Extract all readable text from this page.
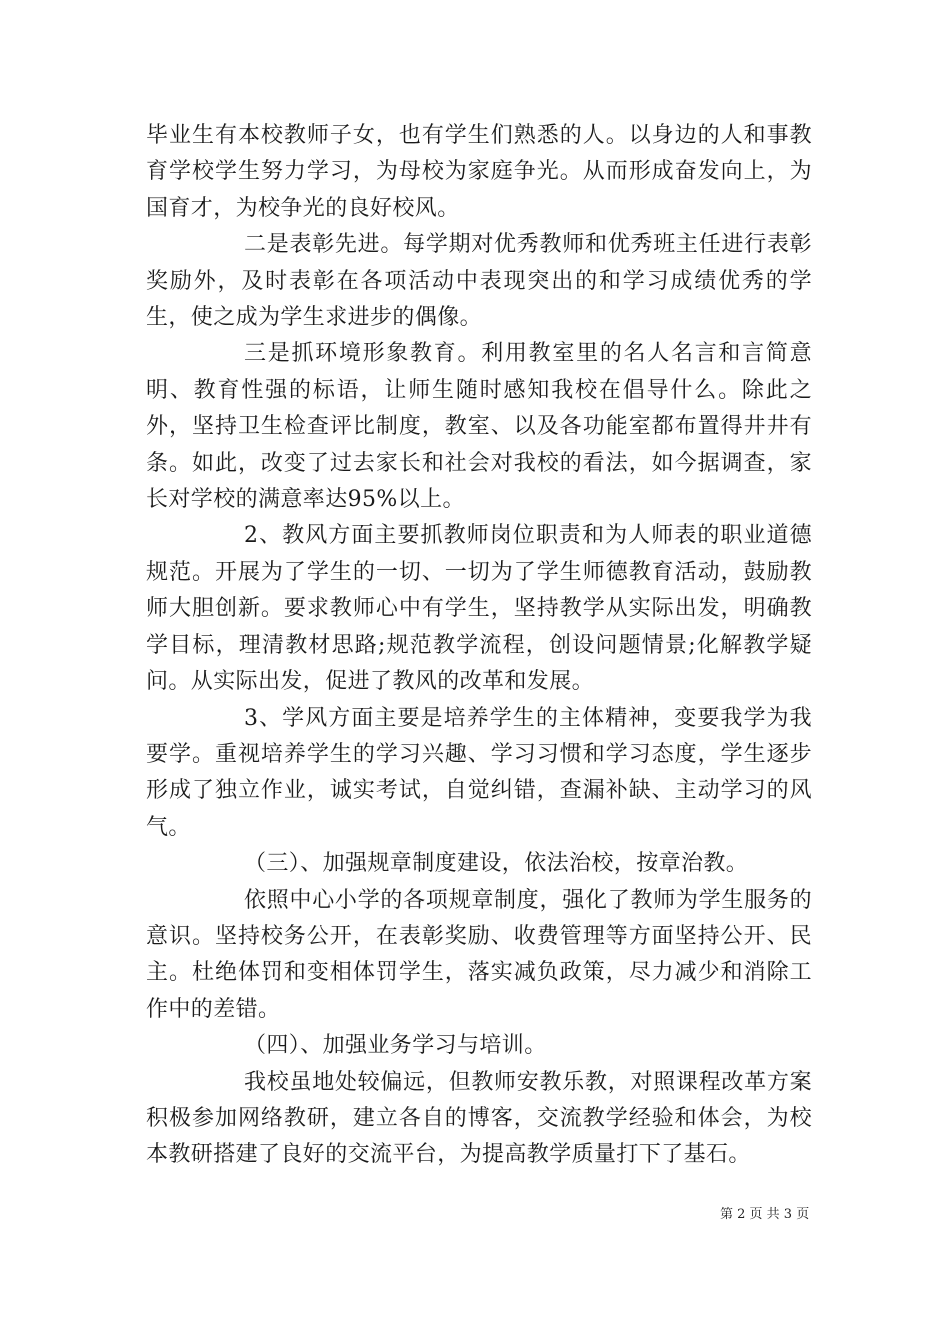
毕业生有本校教师子女，也有学生们熟悉的人。以身边的人和事教育学校学生努力学习，为母校为家庭争光。从而形成奋发向上，为国育才，为校争光的良好校风。

二是表彰先进。每学期对优秀教师和优秀班主任进行表彰奖励外，及时表彰在各项活动中表现突出的和学习成绩优秀的学生，使之成为学生求进步的偶像。

三是抓环境形象教育。利用教室里的名人名言和言简意明、教育性强的标语，让师生随时感知我校在倡导什么。除此之外，坚持卫生检查评比制度，教室、以及各功能室都布置得井井有条。如此，改变了过去家长和社会对我校的看法，如今据调查，家长对学校的满意率达95%以上。

2、教风方面主要抓教师岗位职责和为人师表的职业道德规范。开展为了学生的一切、一切为了学生师德教育活动，鼓励教师大胆创新。要求教师心中有学生，坚持教学从实际出发，明确教学目标，理清教材思路;规范教学流程，创设问题情景;化解教学疑问。从实际出发，促进了教风的改革和发展。

3、学风方面主要是培养学生的主体精神，变要我学为我要学。重视培养学生的学习兴趣、学习习惯和学习态度，学生逐步形成了独立作业，诚实考试，自觉纠错，查漏补缺、主动学习的风气。

（三）、加强规章制度建设，依法治校，按章治教。

依照中心小学的各项规章制度，强化了教师为学生服务的意识。坚持校务公开，在表彰奖励、收费管理等方面坚持公开、民主。杜绝体罚和变相体罚学生，落实减负政策，尽力减少和消除工作中的差错。

（四）、加强业务学习与培训。

我校虽地处较偏远，但教师安教乐教，对照课程改革方案积极参加网络教研，建立各自的博客，交流教学经验和体会，为校本教研搭建了良好的交流平台，为提高教学质量打下了基石。

第 2 页 共 3 页
